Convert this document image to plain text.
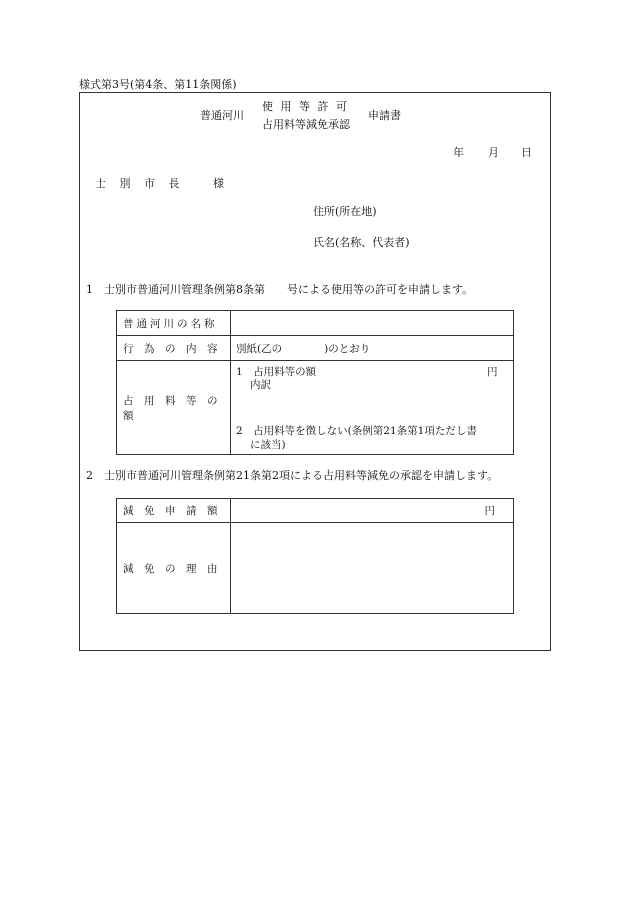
様式第3号(第4条、第11条関係)
普通河川
使 用 等 許 可
占用料等減免承認
申請書
年 月 日
士 別 市 長	様
住所(所在地)
氏名(名称、代表者)
1　士別市普通河川管理条例第8条第　　号による使用等の許可を申請します。
普通河川の名称	

行　為　の　内　容	別紙(乙の　　　　)のとおり

占　用　料　等　の　額	1　占用料等の額 円
内訳
2　占用料等を徴しない(条例第21条第1項ただし書
に該当)
2　士別市普通河川管理条例第21条第2項による占用料等減免の承認を申請します。
減　免　申　請　額	円

減　免　の　理　由	
